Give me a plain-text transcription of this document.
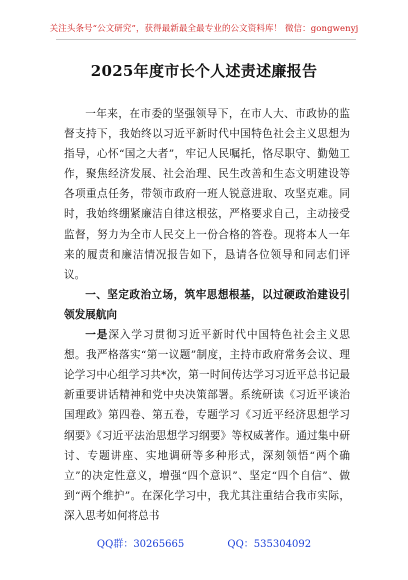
关注头条号“公文研究”，获得最新最全最专业的公文资料库！ 微信：gongwenyj
2025年度市长个人述责述廉报告

一年来，在市委的坚强领导下，在市人大、市政协的监督支持下，我始终以习近平新时代中国特色社会主义思想为指导，心怀“国之大者”，牢记人民嘱托，恪尽职守、勤勉工作，聚焦经济发展、社会治理、民生改善和生态文明建设等各项重点任务，带领市政府一班人锐意进取、攻坚克难。同时，我始终绷紧廉洁自律这根弦，严格要求自己，主动接受监督，努力为全市人民交上一份合格的答卷。现将本人一年来的履责和廉洁情况报告如下，恳请各位领导和同志们评议。

一、坚定政治立场，筑牢思想根基，以过硬政治建设引领发展航向

一是深入学习贯彻习近平新时代中国特色社会主义思想。我严格落实“第一议题”制度，主持市政府常务会议、理论学习中心组学习共*次，第一时间传达学习习近平总书记最新重要讲话精神和党中央决策部署。系统研读《习近平谈治国理政》第四卷、第五卷，专题学习《习近平经济思想学习纲要》《习近平法治思想学习纲要》等权威著作。通过集中研讨、专题讲座、实地调研等多种形式，深刻领悟“两个确立”的决定性意义，增强“四个意识”、坚定“四个自信”、做到“两个维护”。在深化学习中，我尤其注重结合我市实际，深入思考如何将总书

QQ群：30265665	QQ：535304092
